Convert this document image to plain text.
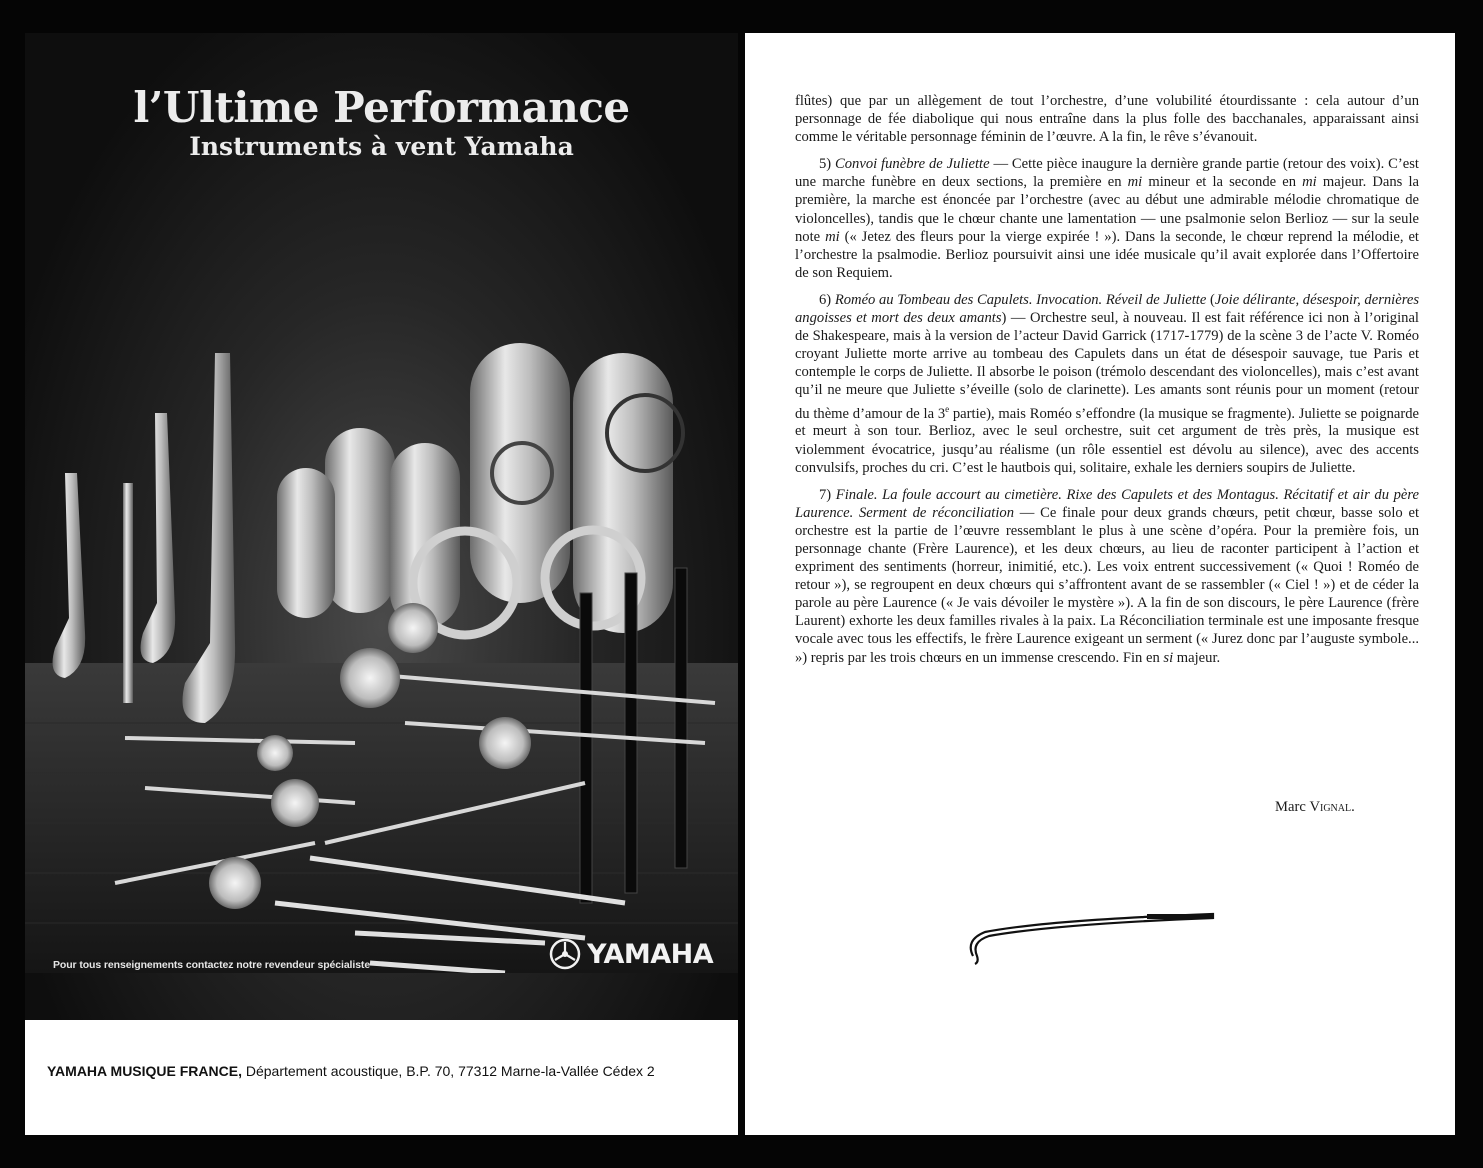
l’Ultime Performance
Instruments à vent Yamaha
Pour tous renseignements contactez notre revendeur spécialiste	YAMAHA
YAMAHA MUSIQUE FRANCE, Département acoustique, B.P. 70, 77312 Marne-la-Vallée Cédex 2

flûtes) que par un allègement de tout l’orchestre, d’une volubilité étourdissante : cela autour d’un personnage de fée diabolique qui nous entraîne dans la plus folle des bacchanales, apparaissant ainsi comme le véritable personnage féminin de l’œuvre. A la fin, le rêve s’évanouit.

5) Convoi funèbre de Juliette — Cette pièce inaugure la dernière grande partie (retour des voix). C’est une marche funèbre en deux sections, la première en mi mineur et la seconde en mi majeur. Dans la première, la marche est énoncée par l’orchestre (avec au début une admirable mélodie chromatique de violoncelles), tandis que le chœur chante une lamentation — une psalmonie selon Berlioz — sur la seule note mi (« Jetez des fleurs pour la vierge expirée ! »). Dans la seconde, le chœur reprend la mélodie, et l’orchestre la psalmodie. Berlioz poursuivit ainsi une idée musicale qu’il avait explorée dans l’Offertoire de son Requiem.

6) Roméo au Tombeau des Capulets. Invocation. Réveil de Juliette (Joie délirante, désespoir, dernières angoisses et mort des deux amants) — Orchestre seul, à nouveau. Il est fait référence ici non à l’original de Shakespeare, mais à la version de l’acteur David Garrick (1717-1779) de la scène 3 de l’acte V. Roméo croyant Juliette morte arrive au tombeau des Capulets dans un état de désespoir sauvage, tue Paris et contemple le corps de Juliette. Il absorbe le poison (trémolo descendant des violoncelles), mais c’est avant qu’il ne meure que Juliette s’éveille (solo de clarinette). Les amants sont réunis pour un moment (retour du thème d’amour de la 3e partie), mais Roméo s’effondre (la musique se fragmente). Juliette se poignarde et meurt à son tour. Berlioz, avec le seul orchestre, suit cet argument de très près, la musique est violemment évocatrice, jusqu’au réalisme (un rôle essentiel est dévolu au silence), avec des accents convulsifs, proches du cri. C’est le hautbois qui, solitaire, exhale les derniers soupirs de Juliette.

7) Finale. La foule accourt au cimetière. Rixe des Capulets et des Montagus. Récitatif et air du père Laurence. Serment de réconciliation — Ce finale pour deux grands chœurs, petit chœur, basse solo et orchestre est la partie de l’œuvre ressemblant le plus à une scène d’opéra. Pour la première fois, un personnage chante (Frère Laurence), et les deux chœurs, au lieu de raconter participent à l’action et expriment des sentiments (horreur, inimitié, etc.). Les voix entrent successivement (« Quoi ! Roméo de retour »), se regroupent en deux chœurs qui s’affrontent avant de se rassembler (« Ciel ! ») et de céder la parole au père Laurence (« Je vais dévoiler le mystère »). A la fin de son discours, le père Laurence (frère Laurent) exhorte les deux familles rivales à la paix. La Réconciliation terminale est une imposante fresque vocale avec tous les effectifs, le frère Laurence exigeant un serment (« Jurez donc par l’auguste symbole... ») repris par les trois chœurs en un immense crescendo. Fin en si majeur.

Marc Vignal.
